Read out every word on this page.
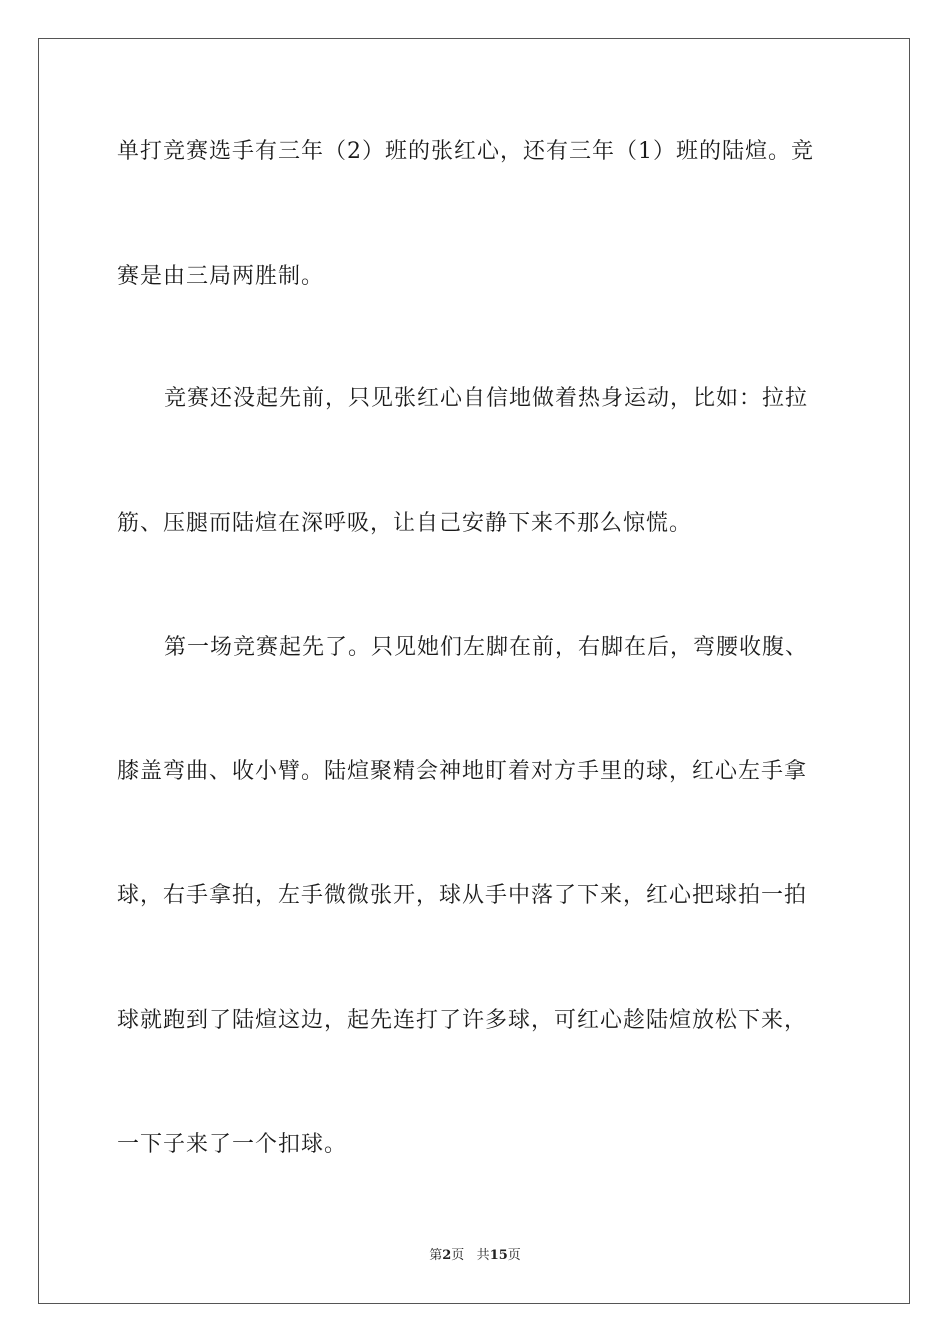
单打竞赛选手有三年（2）班的张红心，还有三年（1）班的陆煊。竞
赛是由三局两胜制。
竞赛还没起先前，只见张红心自信地做着热身运动，比如：拉拉
筋、压腿而陆煊在深呼吸，让自己安静下来不那么惊慌。
第一场竞赛起先了。只见她们左脚在前，右脚在后，弯腰收腹、
膝盖弯曲、收小臂。陆煊聚精会神地盯着对方手里的球，红心左手拿
球，右手拿拍，左手微微张开，球从手中落了下来，红心把球拍一拍
球就跑到了陆煊这边，起先连打了许多球，可红心趁陆煊放松下来，
一下子来了一个扣球。
第2页 共15页
